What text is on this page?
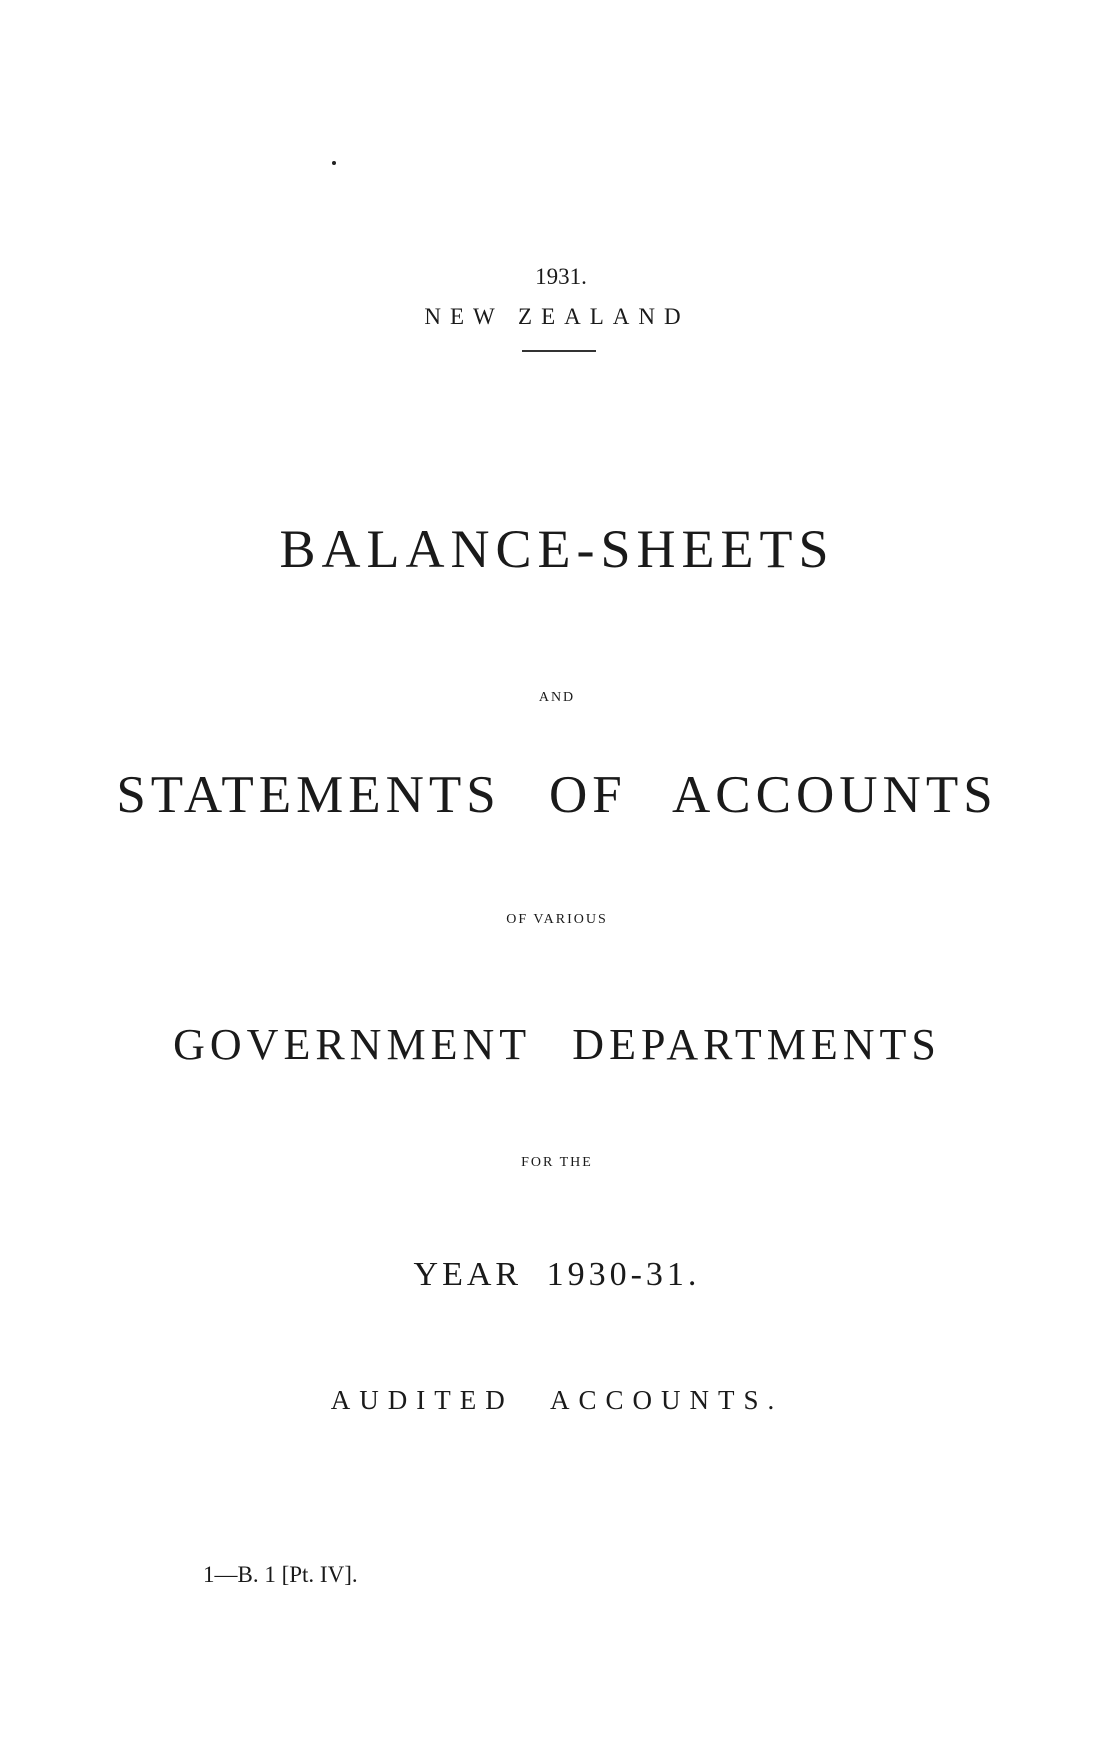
1931.
NEW ZEALAND
BALANCE-SHEETS
AND
STATEMENTS OF ACCOUNTS
OF VARIOUS
GOVERNMENT DEPARTMENTS
FOR THE
YEAR 1930-31.
AUDITED ACCOUNTS.
1—B. 1 [Pt. IV].
